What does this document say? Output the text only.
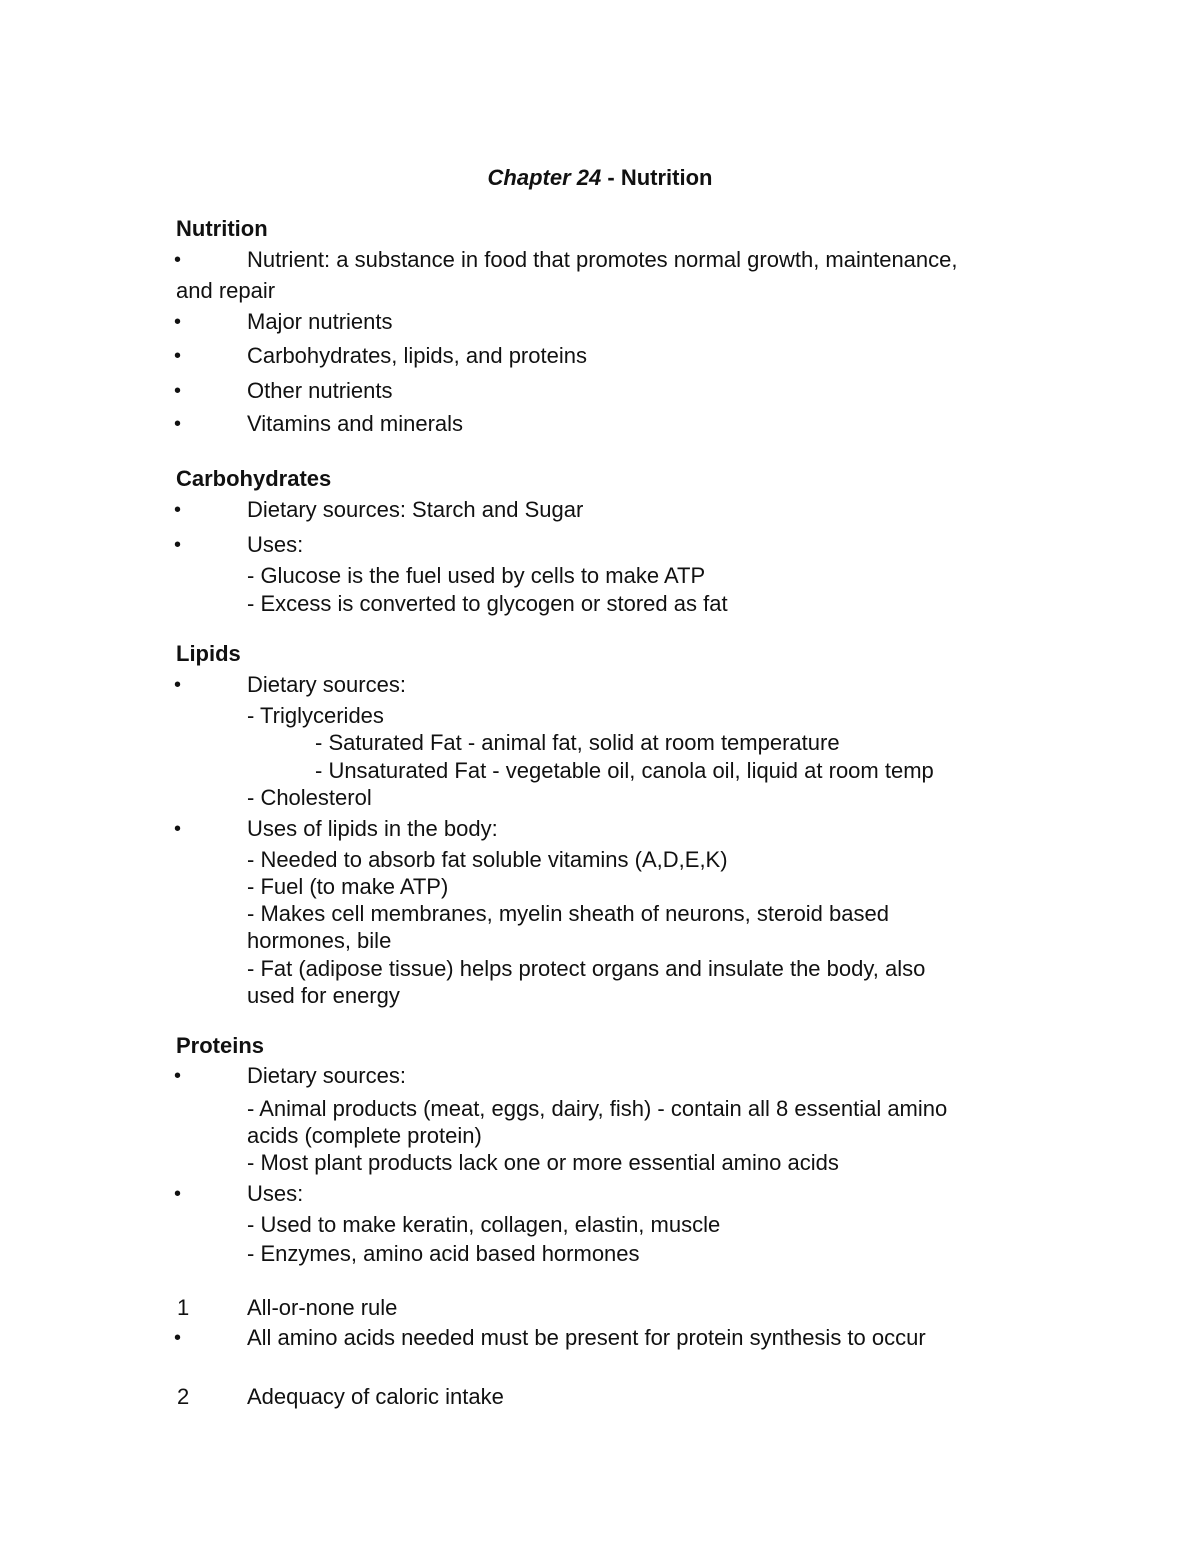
Chapter 24 - Nutrition
Nutrition
•	Nutrient: a substance in food that promotes normal growth, maintenance,
and repair
•	Major nutrients
•	Carbohydrates, lipids, and proteins
•	Other nutrients
•	Vitamins and minerals
Carbohydrates
•	Dietary sources: Starch and Sugar
•	Uses:
- Glucose is the fuel used by cells to make ATP
- Excess is converted to glycogen or stored as fat
Lipids
•	Dietary sources:
- Triglycerides
- Saturated Fat - animal fat, solid at room temperature
- Unsaturated Fat - vegetable oil, canola oil, liquid at room temp
- Cholesterol
•	Uses of lipids in the body:
- Needed to absorb fat soluble vitamins (A,D,E,K)
- Fuel (to make ATP)
- Makes cell membranes, myelin sheath of neurons, steroid based
hormones, bile
- Fat (adipose tissue) helps protect organs and insulate the body, also
used for energy
Proteins
•	Dietary sources:
- Animal products (meat, eggs, dairy, fish) - contain all 8 essential amino
acids (complete protein)
- Most plant products lack one or more essential amino acids
•	Uses:
- Used to make keratin, collagen, elastin, muscle
- Enzymes, amino acid based hormones
1	All-or-none rule
•	All amino acids needed must be present for protein synthesis to occur
2	Adequacy of caloric intake
